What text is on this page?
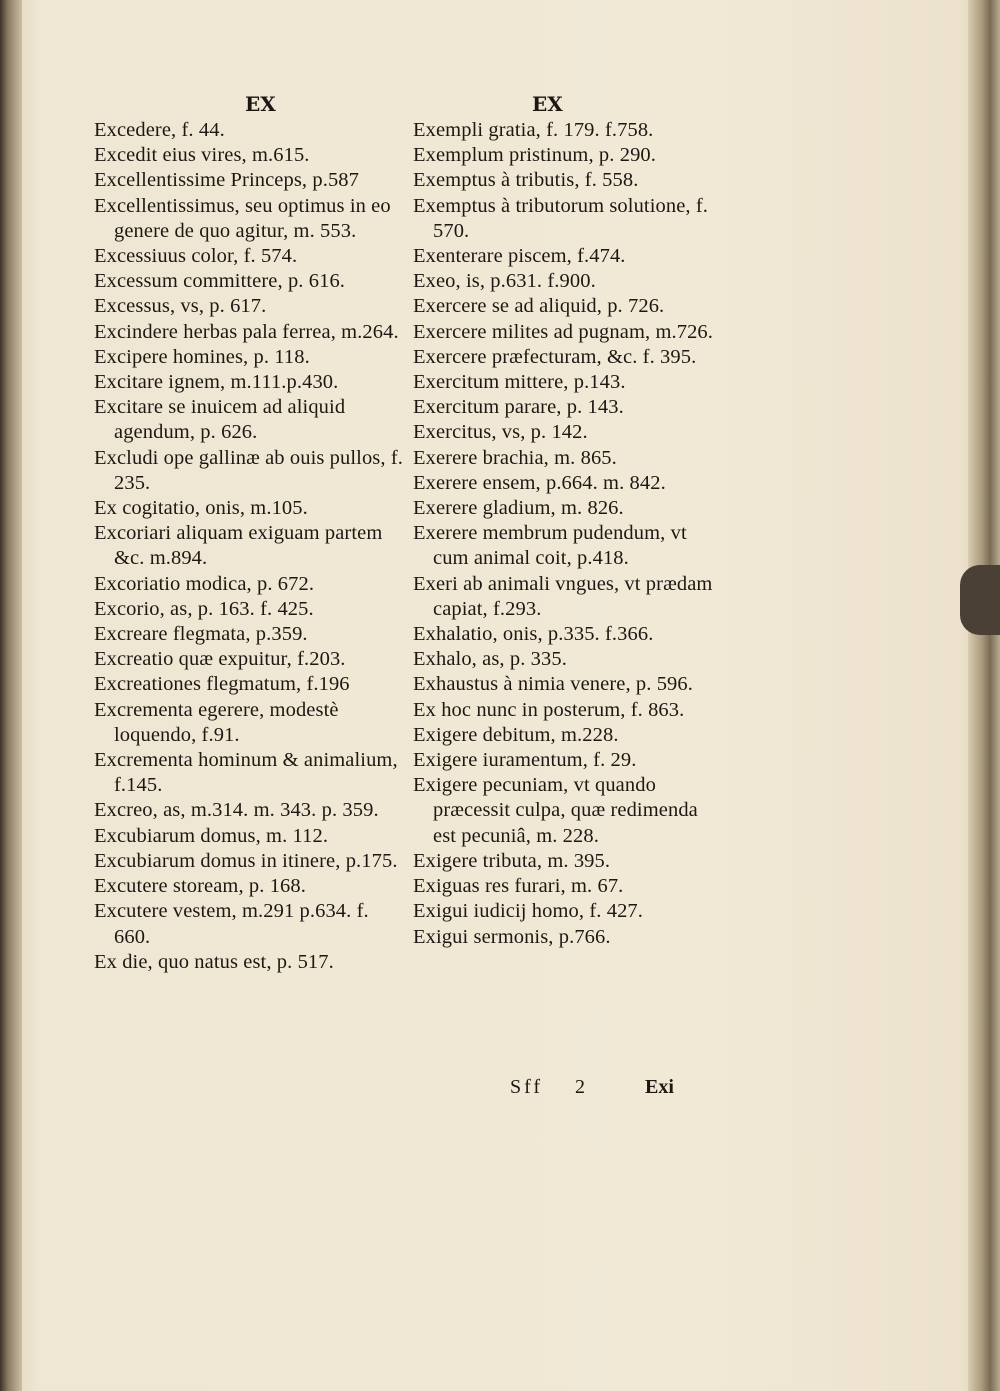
EX	EX
Excedere, f. 44.
Excedit eius vires, m.615.
Excellentissime Princeps, p.587
Excellentissimus, seu optimus in eo genere de quo agitur, m. 553.
Excessiuus color, f. 574.
Excessum committere, p. 616.
Excessus, vs, p. 617.
Excindere herbas pala ferrea, m.264.
Excipere homines, p. 118.
Excitare ignem, m.111.p.430.
Excitare se inuicem ad aliquid agendum, p. 626.
Excludi ope gallinæ ab ouis pullos, f. 235.
Ex cogitatio, onis, m.105.
Excoriari aliquam exiguam partem &c. m.894.
Excoriatio modica, p. 672.
Excorio, as, p. 163. f. 425.
Excreare flegmata, p.359.
Excreatio quæ expuitur, f.203.
Excreationes flegmatum, f.196
Excrementa egerere, modestè loquendo, f.91.
Excrementa hominum & animalium, f.145.
Excreo, as, m.314. m. 343. p. 359.
Excubiarum domus, m. 112.
Excubiarum domus in itinere, p.175.
Excutere stoream, p. 168.
Excutere vestem, m.291 p.634. f. 660.
Ex die, quo natus est, p. 517.
Exempli gratia, f. 179. f.758.
Exemplum pristinum, p. 290.
Exemptus à tributis, f. 558.
Exemptus à tributorum solutione, f. 570.
Exenterare piscem, f.474.
Exeo, is, p.631. f.900.
Exercere se ad aliquid, p. 726.
Exercere milites ad pugnam, m.726.
Exercere præfecturam, &c. f. 395.
Exercitum mittere, p.143.
Exercitum parare, p. 143.
Exercitus, vs, p. 142.
Exerere brachia, m. 865.
Exerere ensem, p.664. m. 842.
Exerere gladium, m. 826.
Exerere membrum pudendum, vt cum animal coit, p.418.
Exeri ab animali vngues, vt prædam capiat, f.293.
Exhalatio, onis, p.335. f.366.
Exhalo, as, p. 335.
Exhaustus à nimia venere, p. 596.
Ex hoc nunc in posterum, f. 863.
Exigere debitum, m.228.
Exigere iuramentum, f. 29.
Exigere pecuniam, vt quando præcessit culpa, quæ redimenda est pecuniâ, m. 228.
Exigere tributa, m. 395.
Exiguas res furari, m. 67.
Exigui iudicij homo, f. 427.
Exigui sermonis, p.766.
Sff 2	Exi
